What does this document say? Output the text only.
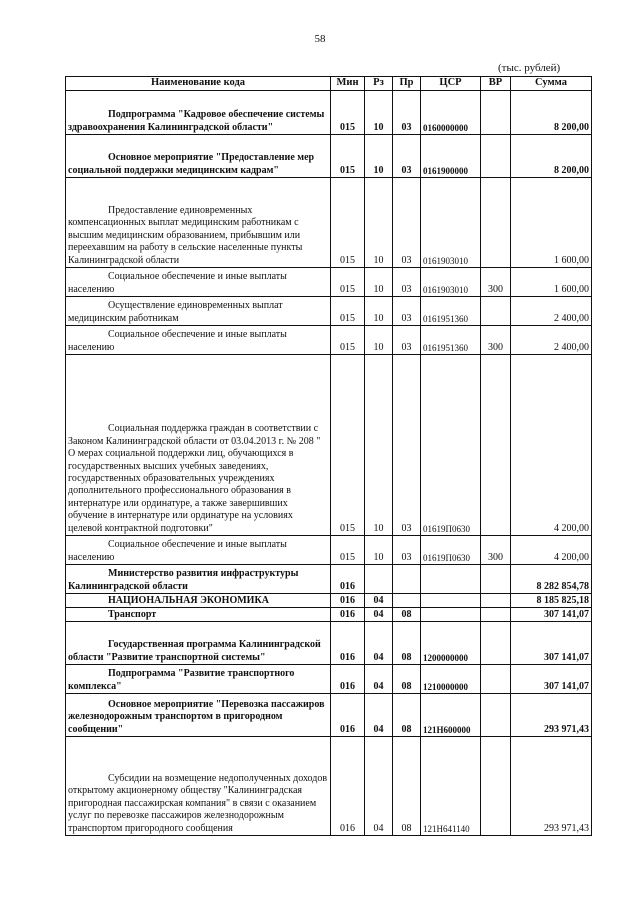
58
(тыс. рублей)
Наименование кода	Мин	Рз	Пр	ЦСР	ВР	Сумма
Подпрограмма "Кадровое обеспечение системы здравоохранения Калининградской области"	015	10	03	0160000000		8 200,00
Основное мероприятие "Предоставление мер социальной поддержки медицинским кадрам"	015	10	03	0161900000		8 200,00
Предоставление единовременных компенсационных выплат медицинским работникам с высшим медицинским образованием, прибывшим или переехавшим на работу в сельские населенные пункты Калининградской области	015	10	03	0161903010		1 600,00
Социальное обеспечение и иные выплаты населению	015	10	03	0161903010	300	1 600,00
Осуществление единовременных выплат медицинским работникам	015	10	03	0161951360		2 400,00
Социальное обеспечение и иные выплаты населению	015	10	03	0161951360	300	2 400,00
Социальная поддержка граждан в соответствии с Законом Калининградской области от 03.04.2013 г. № 208 " О мерах социальной поддержки лиц, обучающихся в государственных высших учебных заведениях, государственных образовательных учреждениях дополнительного профессионального образования в интернатуре или ординатуре, а также завершивших обучение в интернатуре или ординатуре на условиях целевой контрактной подготовки"	015	10	03	01619П0630		4 200,00
Социальное обеспечение и иные выплаты населению	015	10	03	01619П0630	300	4 200,00
Министерство развития инфраструктуры Калининградской области	016					8 282 854,78
НАЦИОНАЛЬНАЯ ЭКОНОМИКА	016	04				8 185 825,18
Транспорт	016	04	08			307 141,07
Государственная программа Калининградской области "Развитие транспортной системы"	016	04	08	1200000000		307 141,07
Подпрограмма "Развитие транспортного комплекса"	016	04	08	1210000000		307 141,07
Основное мероприятие "Перевозка пассажиров железнодорожным транспортом в пригородном сообщении"	016	04	08	121Н600000		293 971,43
Субсидии на возмещение недополученных доходов открытому акционерному обществу "Калининградская пригородная пассажирская компания" в связи с оказанием услуг по перевозке пассажиров железнодорожным транспортом пригородного сообщения	016	04	08	121Н641140		293 971,43
